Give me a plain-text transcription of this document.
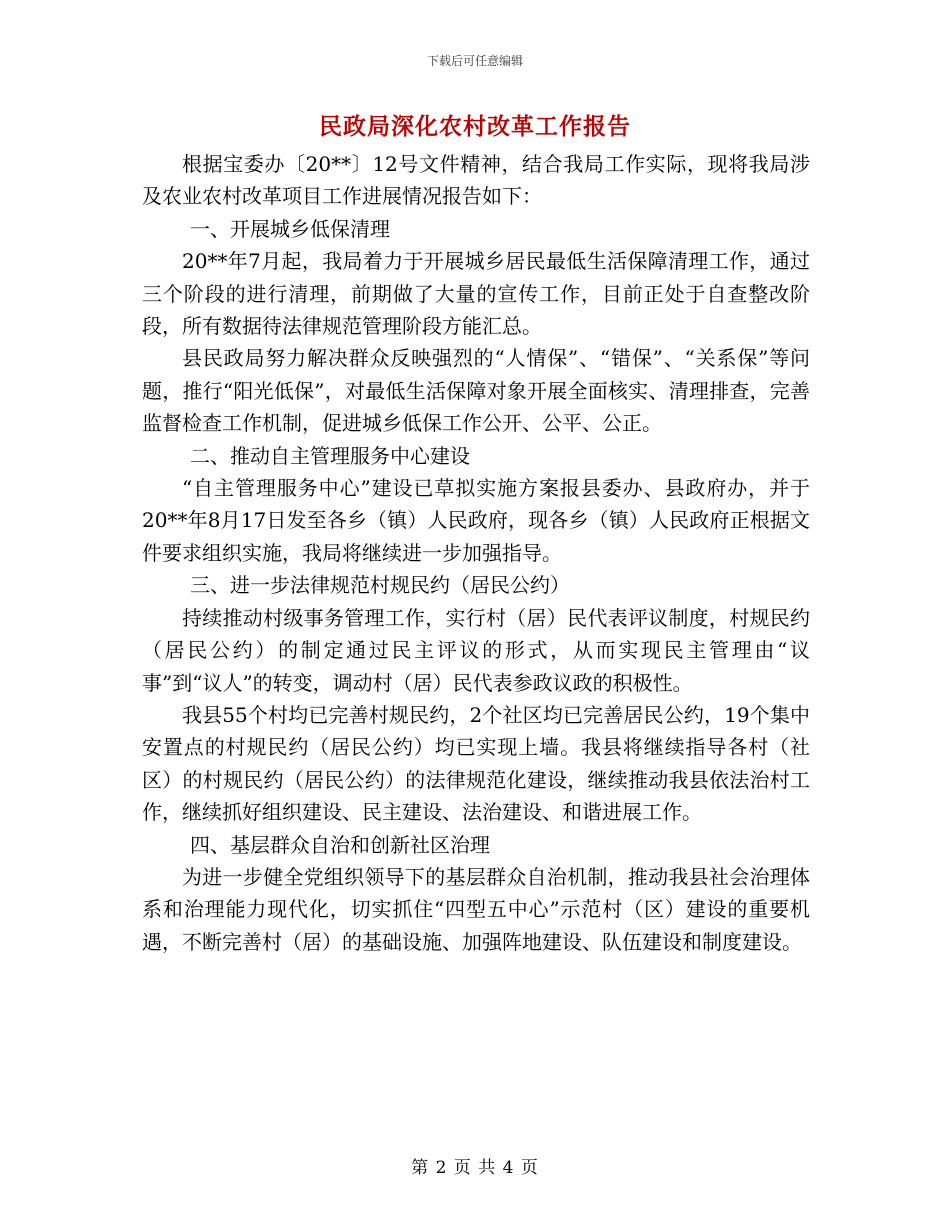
下载后可任意编辑
民政局深化农村改革工作报告

根据宝委办〔20**〕12号文件精神，结合我局工作实际，现将我局涉及农业农村改革项目工作进展情况报告如下：

一、开展城乡低保清理

20**年7月起，我局着力于开展城乡居民最低生活保障清理工作，通过三个阶段的进行清理，前期做了大量的宣传工作，目前正处于自查整改阶段，所有数据待法律规范管理阶段方能汇总。

县民政局努力解决群众反映强烈的“人情保”、“错保”、“关系保”等问题，推行“阳光低保”，对最低生活保障对象开展全面核实、清理排查，完善监督检查工作机制，促进城乡低保工作公开、公平、公正。

二、推动自主管理服务中心建设

“自主管理服务中心”建设已草拟实施方案报县委办、县政府办，并于20**年8月17日发至各乡（镇）人民政府，现各乡（镇）人民政府正根据文件要求组织实施，我局将继续进一步加强指导。

三、进一步法律规范村规民约（居民公约）

持续推动村级事务管理工作，实行村（居）民代表评议制度，村规民约（居民公约）的制定通过民主评议的形式，从而实现民主管理由“议事”到“议人”的转变，调动村（居）民代表参政议政的积极性。

我县55个村均已完善村规民约，2个社区均已完善居民公约，19个集中安置点的村规民约（居民公约）均已实现上墙。我县将继续指导各村（社区）的村规民约（居民公约）的法律规范化建设，继续推动我县依法治村工作，继续抓好组织建设、民主建设、法治建设、和谐进展工作。

四、基层群众自治和创新社区治理

为进一步健全党组织领导下的基层群众自治机制，推动我县社会治理体系和治理能力现代化，切实抓住“四型五中心”示范村（区）建设的重要机遇，不断完善村（居）的基础设施、加强阵地建设、队伍建设和制度建设。

第 2 页 共 4 页
